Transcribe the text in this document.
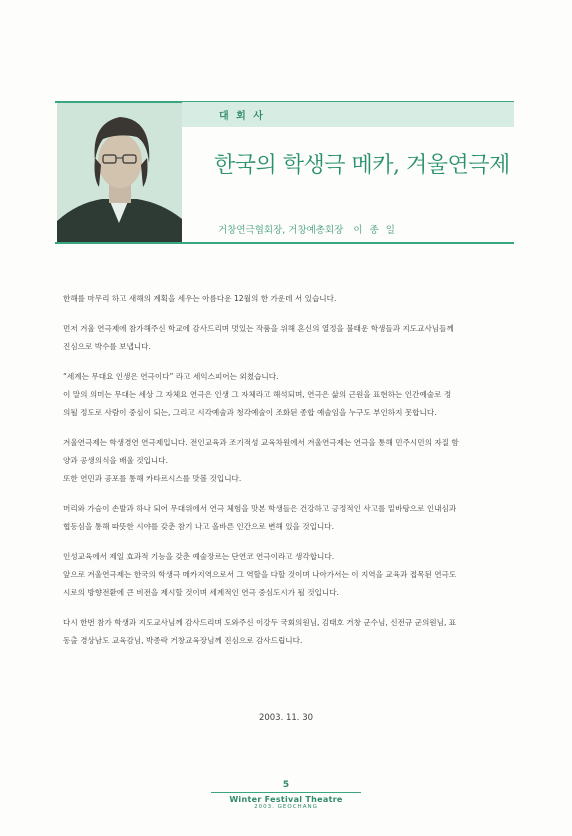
대 회 사
한국의 학생극 메카, 겨울연극제
거창연극협회장, 거창예총회장 이 종 일

한해를 마무리 하고 새해의 계획을 세우는 아름다운 12월의 한 가운데 서 있습니다.

먼저 겨울 연극제에 참가해주신 학교에 감사드리며 멋있는 작품을 위해 혼신의 열정을 불태운 학생들과 지도교사님들께
진심으로 박수를 보냅니다.

“세계는 무대요 인생은 연극이다” 라고 세익스피어는 외쳤습니다.
이 말의 의미는 무대는 세상 그 자체요 연극은 인생 그 자체라고 해석되며, 연극은 삶의 근원을 표현하는 인간예술로 정
의될 정도로 사람이 중심이 되는, 그리고 시각예술과 청각예술이 조화된 종합 예술임을 누구도 부인하지 못합니다.

겨울연극제는 학생경연 연극제입니다. 전인교육과 조기적성 교육차원에서 겨울연극제는 연극을 통해 민주시민의 자질 함
양과 공생의식을 배울 것입니다.
또한 연민과 공포를 통해 카타르시스를 맛볼 것입니다.

머리와 가슴이 손발과 하나 되어 무대위에서 연극 체험을 맛본 학생들은 건강하고 긍정적인 사고를 밑바탕으로 인내심과
협동심을 통해 따뜻한 시야를 갖춘 참기 나고 올바른 인간으로 변해 있을 것입니다.

인성교육에서 제일 효과적 기능을 갖춘 예술장르는 단연코 연극이라고 생각합니다.
앞으로 겨울연극제는 한국의 학생극 메카지역으로서 그 역할을 다할 것이며 나아가서는 이 지역을 교육과 접목된 연극도
시로의 방향전환에 큰 비전을 제시할 것이며 세계적인 연극 중심도시가 될 것입니다.

다시 한번 참가 학생과 지도교사님께 감사드리며 도와주신 이강두 국회의원님, 김태호 거창 군수님, 신전규 군의원님, 표
동출 경상남도 교육감님, 박종락 거창교육장님께 진심으로 감사드립니다.

2003. 11. 30
5
Winter Festival Theatre
2003. GEOCHANG
